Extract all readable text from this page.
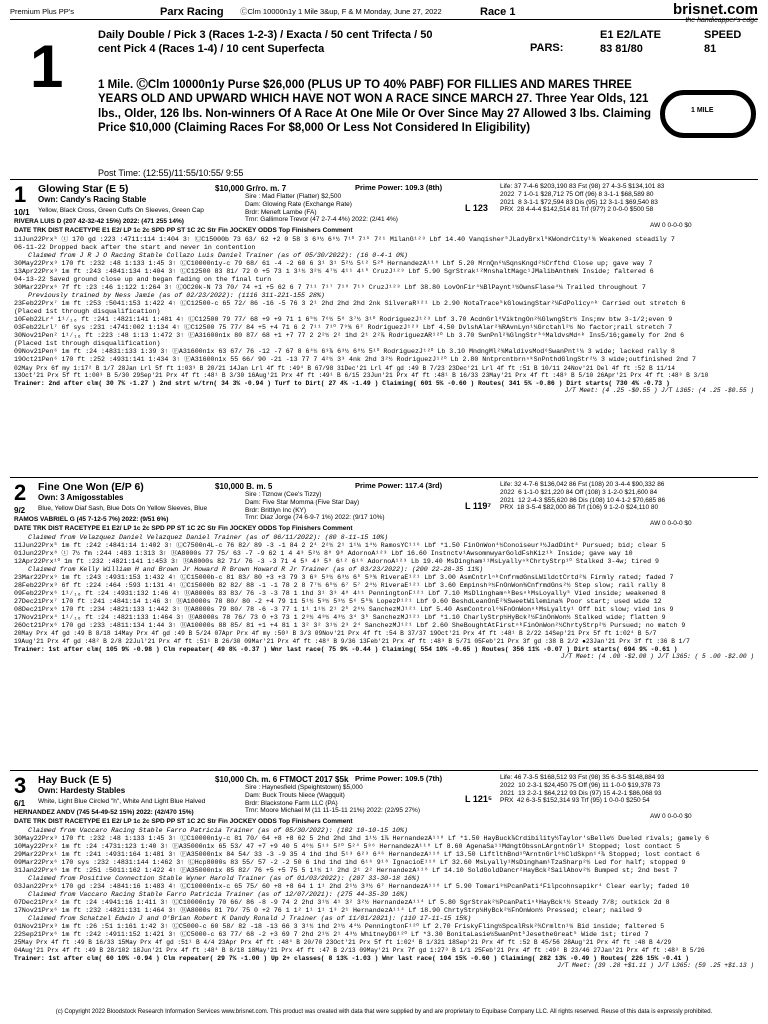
Premium Plus PP's	Parx Racing	ⒸClm 10000n1y 1 Mile 3&up, F & M Monday, June 27, 2022	Race 1	brisnet.com
the handicapper's edge
1	Daily Double / Pick 3 (Races 1-2-3) / Exacta / 50 cent Trifecta / 50 cent Pick 4 (Races 1-4) / 10 cent Superfecta	PARS:
E1 E2/LATE
83 81/80
SPEED
81
1 Mile. ⒸClm 10000n1y Purse $26,000 (PLUS UP TO 40% PABF) FOR FILLIES AND MARES THREE YEARS OLD AND UPWARD WHICH HAVE NOT WON A RACE SINCE MARCH 27. Three Year Olds, 121 lbs., Older, 126 lbs. Non-winners Of A Race At One Mile Or Over Since May 27 Allowed 3 lbs. Claiming Price $10,000 (Claiming Races For $8,000 Or Less Not Considered In Eligibility)
1 MILE
Post Time: (12:55)/11:55/10:55/ 9:55
1
10/1
Glowing Star (E 5)
Own: Candy's Racing Stable
Yellow, Black Cross, Green Cuffs On Sleeves, Green Cap
RIVERA LUIS D (207 42-32-42 15%) 2022: (471 255 14%)
$10,000 Gr/ro. m. 7
Sire : Mad Flatter (Flatter) $2,500
Dam: Glowing Rate (Exchange Rate)
Brdr: Meneft Lambe (FA)
Trnr: Gallimore Trevor (47 2-7-4 4%) 2022: (2/41 4%)
Prime Power: 109.3 (8th)
L 123
Life: 37 7-4-6 $203,190 83 Fst (98) 27 4-3-5 $134,101 83
2022  7 1-0-1 $28,712 75 Off (96) 8 3-1-1 $68,589 80
2021  8 3-1-1 $72,594 83 Dis (95) 12 3-1-1 $69,540 83
PRX  28 4-4-4 $142,514 81 Trf (97?) 2 0-0-0 $500 58
AW 0 0-0-0 $0
DATE TRK DIST RACETYPE E1 E2/ LP 1c 2c SPD PP ST 1C 2C Str Fin JOCKEY ODDS Top Finishers Comment
11Jun22Prx⁵ ⓣ 170 gd :223 :4711:114 1:404 3↑ ⒸC15000b 73 63/ 62 +2 0 58 3 6³½ 6⁶½ 7¹⁰ 7¹⁵ 7²¹ MilanG¹²³ Lbf 14.40 Vanqisher⁵JLadyBrxl⁵KWondrCity¹¾ Weakened steadily 7
06-11-22 Dropped back after the start and never in contention
Claimed from J R J O Racing Stable Collazo Luis Daniel Trainer (as of 05/30/2022): (16 0-4-1 0%)
30May22Prx³ 170 ft :232 :48 1:133 1:45 3↑ ⒸC10000n1y-c 79 68/ 61 -4 -2 60 6 3¹ 3¹ 5²½ 5¹² 5²⁰ HernandezA¹¹⁸ Lbf 5.20 MrnQn⁶¼SqnsKngd²½Crfthd Close up; gave way 7
13Apr22Prx³ 1m ft :243 :4841:134 1:404 3↑ ⒸC12500 83 81/ 72 0 +5 73 1 3¹½ 3²½ 4⁷½ 4¹¹ 4¹⁵ CruzJ¹²³ Lbf 5.90 SgrStrak¹²MnshaltMagc¹JMalibAnthm¾ Inside; faltered 6
04-13-22 Saved ground close up and began fading on the final turn
30Mar22Prx⁶ 7f ft :23 :46 1:122 1:264 3↑ ⒸOC20k-N 73 70/ 74 +1 +5 62 6 7 7¹¹ 7¹⁷ 7¹⁸ 7¹⁹ CruzJ¹²³ Lbf 38.80 LovOnFir⁴¼BlPaynt¹½OwnsFlase⁴¼ Trailed throughout 7
Previously trained by Ness Jamie (as of 02/23/2022): (1116 311-221-155 28%)
23Feb22Prx⁷ 1m ft :253 :5041:153 1:422 4↑ ⒸC12500-c 65 72/ 86 -16 -5 76 3 2¹ 2hd 2hd 2hd 2nk SilveraR¹²¹ Lb 2.90 NotaTrace⁵kGlowingStar²¼FdPolicyⁿᵏ Carried out stretch 6
(Placed 1st through disqualification)
10Feb22Lr⁴ 1¹⁄₁₆ ft :241 :4821:141 1:481 4↑ ⒸC12500 79 77/ 68 +9 +9 71 1 6⁵½ 7⁶½ 5⁸ 3⁷½ 3¹⁰ RodriguezJ¹²³ Lbf 3.70 AcdnGrl⁸ViktngOn²⅔GlwngStr½ Ins;mv btw 3-1/2;even 9
03Feb22Lrl⁷ 6f sys :231 :4741:002 1:134 4↑ ⒸC12500 75 77/ 84 +5 +4 71 6 2 7¹¹ 7¹⁰ 7⁹¾ 6⁷ RodriguezJ¹²³ Lbf 4.50 DvlshAlar²¾RAvnLyn¹¼Grctahl²½ No factor;rail stretch 7
30Nov21Pen² 1¹⁄₁₆ ft :223 :48 1:13 1:472 3↑ ⒻA31600n1x 80 87/ 68 +1 +7 77 2 2²½ 2² 1hd 2¹ 2²⅞ RodriguezAR¹²⁰ Lb 3.70 SwnPnl²¾GlngStr⁵⁶MaldvsMdⁿᵏ Ins5/16;gamely for 2nd 6
(Placed 1st through disqualification)
09Nov21Pen⁶ 1m ft :24 :4831:133 1:39 3↑ ⒻA31600n1x 63 67/ 76 -12 -7 67 8 6⁴½ 6³⅞ 6³½ 6⁸½ 5¹⁰ RodriguezJ¹²⁰ Lb 3.10 MndngMl²¾MaldivsMod⁶SwanPnt¹¼ 3 wide; lacked rally 8
19Oct21Pen⁶ 170 ft :252 :4931:141 1:434 3↑ ⒻA31600n1x 55 66/ 90 -21 -13 77 7 4²½ 3³ 4nk 2hd 3²½ RodriguezJ¹²⁰ Lb 2.80 NntprcntbrnⁿᵏSnPnthdGlngStr²½ 3 wide;outfinished 2nd 7
02May Prx 6f my 1:17² B 1/7 28Jan Lrl 5f ft 1:03³ B 20/21 14Jan Lrl 4f ft :49⁴ B 67/98 31Dec'21 Lrl 4f gd :49 B 7/23 23Dec'21 Lrl 4f ft :51 B 10/11 24Nov'21 Del 4f ft :52 B 11/14
13Oct'21 Prx 5f ft 1:00³ B 5/30 29Sep'21 Prx 4f ft :48¹ B 3/30 16Aug'21 Prx 4f ft :49¹ B 6/15 23Jun'21 Prx 4f ft :48¹ B 16/33 23May'21 Prx 4f ft :48³ B 5/10 26Apr'21 Prx 4f ft :48³ B 3/10
Trainer: 2nd after clm( 30 7% -1.27 ) 2nd strt w/trn( 34 3% -0.94 ) Turf to Dirt( 27 4% -1.49 ) Claiming( 601 5% -0.60 ) Routes( 341 5% -0.86 ) Dirt starts( 730 4% -0.73 )
J/T Meet: (4 .25 -$0.55 ) J/T L365: (4 .25 -$0.55 )
2
9/2
Fine One Won (E/P 6)
Own: 3 Amigosstables
Blue, Yellow Diaf Sash, Blue Dots On Yellow Sleeves, Blue
RAMOS VABRIEL G (45 7-12-5 7%) 2022: (9/51 6%)
$10,000 B. m. 5
Sire : Tiznow (Cee's Tizzy)
Dam: Five Star Momma (Five Star Day)
Brdr: Brittlyn Inc (KY)
Trnr: Diaz Jorge (74 6-9-7 1%) 2022: (9/17 10%)
Prime Power: 117.4 (3rd)
L 119⁷
Life: 32 4-7-6 $136,042 86 Fst (108) 20 3-4-4 $90,332 86
2022  6 1-1-0 $21,220 84 Off (108) 3 1-2-0 $21,600 84
2021  12 2-4-3 $55,620 86 Dis (108) 10 4-1-2 $70,685 86
PRX  18 3-5-4 $82,000 86 Trf (106) 9 1-2-0 $24,110 80
AW 0 0-0-0 $0
DATE TRK DIST RACETYPE E1 E2/ LP 1c 2c SPD PP ST 1C 2C Str Fin JOCKEY ODDS Top Finishers Comment
Claimed from Velazquez Daniel Velazquez Daniel Trainer (as of 06/11/2022): (80 8-11-15 10%)
11Jun22Prx⁵ 1m ft :242 :4841:14 1:402 3↑ ⒸC7500n4L-c 76 82/ 89 -3 -1 84 2 2⁴ 2²½ 2¹ 1¹¼ 1⁴½ RamosYC¹¹⁶ Lbf *1.50 FinOnWon⁴½Conoiseur³½JadDiht⁴ Pursued; bid; clear 5
01Jun22Prx⁸ ⓣ 7½ fm :244 :483 1:313 3↑ ⒷA8000s 77 75/ 63 -7 -9 62 1 4 4³ 5²½ 8⁸ 9⁸ AdornoA¹²³ Lbf 16.60 Instnctv¹AwsomnwyarGoldFshKiz¹ᵏ Inside; gave way 10
12Apr22Prx¹⁰ 1m ft :232 :4821:141 1:453 3↑ ⒷA8000s 82 71/ 76 -3 -3 71 4 5³ 4³ 5⁸ 6¹² 6¹⁶ AdornoA¹²³ Lb 19.40 MsDingham¹¹MsLyallyⁿᵏChrtyStrp¹⁰ Stalked 3-4w; tired 9
Claimed from Kelly William H and Brown Jr Howard R Brown Howard R Jr Trainer (as of 03/23/2022): (200 22-28-35 11%)
23Mar22Prx⁹ 1m ft :243 :4931:153 1:432 4↑ ⒸC15000b-c 81 83/ 80 +3 +3 79 3 6³ 5³½ 6³½ 6⁵ 5⁹¾ RiveraE¹²¹ Lbf 3.00 AsmCntrlⁿᵏCnfrmdGnsLWildctCrtd²¼ Firmly rated; faded 7
28Feb22Prx³ 6f ft :224 :464 :593 1:131 4↑ ⒸC15000b 82 82/ 88 -1 -1 78 2 8 7⁷½ 6⁵½ 6⁷ 5⁷ 2⁴½ RiveraE¹²¹ Lbf 3.60 Empinsh³½FnOnWon¾CnfrmdGns²½ Step slow; rail rally 8
09Feb22Prx⁶ 1¹⁄₁₆ ft :24 :4931:132 1:46 4↑ ⒷA8000s 83 83/ 76 -3 -3 78 1 1hd 3¹ 3³ 4⁸ 4¹¹ PenningtonF¹²¹ Lbf 7.10 MsDlinghamⁿᵏBesⁿᵏMsLoyally⁵ Vied inside; weakened 8
27Dec21Prx⁷ 170 ft :241 :4841:14 1:46 3↑ ⒷA10000s 78 80/ 80 -2 +4 79 11 5¹½ 5³½ 5³½ 5⁶ 5⁵¾ LopezP¹²¹ Lbf 9.60 BeshdLeanOnE²¾SweetWilemina¾ Poor start; used wide 12
08Dec21Prx⁶ 170 ft :234 :4821:133 1:442 3↑ ⒷA8000s 79 80/ 78 -6 -3 77 1 1¹ 1¹½ 2¹ 2⁵ 2⁶½ SanchezMJ¹²¹ Lbf 5.40 AsmControl⁶¾FnOnWonⁿᵏMsLyalty¹ Off bit slow; vied ins 9
17Nov21Prx⁴ 1¹⁄₁₆ ft :24 :4821:133 1:464 3↑ ⒷA8000s 78 76/ 73 0 +3 73 1 2³½ 4³½ 4³½ 3⁴ 3⁵ SanchezMJ¹²¹ Lbf *1.10 CharlyStrp½HyBck²½FinOnWon½ Stalked wide; flatten 9
26Oct21Prx⁶ 170 gd :233 :4811:134 1:44 3↑ ⒷA10000s 88 85/ 81 +1 +4 81 1 3² 3² 3¹½ 2³ 2⁴ SanchezMJ¹²¹ Lbf 2.60 SheBoughtAtFirstⁿᵏFinOnWon²½ChrtyStrp²½ Pursued; no match 9
20May Prx 4f gd :49 B 8/18 14May Prx 4f gd :49 B 5/24 07Apr Prx 4f my :50³ B 3/3 09Nov'21 Prx 4f ft :54 B 37/37 19Oct'21 Prx 4f ft :48¹ B 2/22 14Sep'21 Prx 5f ft 1:02⁴ B 5/7
19Aug'21 Prx 4f gd :48² B 2/8 22Jul'21 Prx 4f ft :51¹ B 26/30 09Mar'21 Prx 4f ft :48⁴ B 9/36 13Feb'21 Prx 4f ft :48³ B 5/71 05Feb'21 Prx 3f gd :38 B 2/2 ●23Jan'21 Prx 3f ft :36 B 1/7
Trainer: 1st after clm( 105 9% -0.98 ) Clm repeater( 49 8% -0.37 ) Wnr last race( 75 9% -0.44 ) Claiming( 554 10% -0.65 ) Routes( 356 11% -0.07 ) Dirt starts( 694 9% -0.61 )
J/T Meet: (4 .00 -$2.00 ) J/T L365: ( 5 .00 -$2.00 )
3
6/1
Hay Buck (E 5)
Own: Hardesty Stables
White, Light Blue Circled "h", White And Light Blue Halved
HERNANDEZ ANDV (745 54-49-52 15%) 2022: (42/470 15%)
$10,000 Ch. m. 6 FTMOCT 2017 $5k
Sire : Haynesfield (Speightstown) $5,000
Dam: Buck Trouts Niece (Wagquit)
Brdr: Blackstone Farm LLC (PA)
Trnr: Moore Michael M (11 11-15-11 21%) 2022: (22/95 27%)
Prime Power: 109.5 (7th)
L 121⁵
Life: 46 7-3-5 $168,512 93 Fst (98) 35 6-3-5 $148,884 93
2022  10 2-3-1 $24,450 75 Off (96) 11 1-0-0 $19,378 73
2021  13 2-2-1 $64,212 93 Dis (97) 15 4-2-1 $86,068 93
PRX  42 6-3-5 $152,314 93 Trf (95) 1 0-0-0 $250 54
AW 0 0-0-0 $0
DATE TRK DIST RACETYPE E1 E2/ LP 1c 2c SPD PP ST 1C 2C Str Fin JOCKEY ODDS Top Finishers Comment
Claimed from Vaccaro Racing Stable Farro Patricia Trainer (as of 05/30/2022): (102 10-10-15 10%)
30May22Prx³ 170 ft :232 :48 1:133 1:45 3↑ ⒸC10000n1y-c 81 70/ 64 +8 +8 62 5 2hd 2hd 1hd 1¹½ 1⅞ HernandezA¹¹⁸ Lf *1.50 HayBuck⅞Crdibility½Taylor'sBelle½ Dueled rivals; gamely 6
10May22Prx² 1m ft :24 :4731:123 1:40 3↑ ⒻA35000n1x 65 53/ 47 +7 +9 40 5 4⁶½ 5¹³ 5²⁰ 5²⁴ 5³⁶ HernandezA¹¹⁸ Lf 8.60 AgenaSa¹¹MdngtObssnLArgntnGrl³ Stopped; lost contact 5
29Mar22Prx¹ 1m ft :241 :4931:164 1:481 3↑ ⒻA35000n1x 84 54/ 33 -3 -9 35 4 1hd 1hd 5¹³ 6²³ 6⁴⁶ HernandezA¹¹⁸ Lf 13.50 LiftlthBnd¹⁰ArntnGrl⁶½CldSkpn¹⁴⅞ Stopped; lost contact 6
09Mar22Prx⁶ 170 sys :232 :4831:144 1:462 3↑ ⒸHcp8000s 83 55/ 57 -2 -2 50 6 1hd 1hd 1hd 6¹⁶ 9¹⁸ IgnacioE¹¹⁸ Lf 32.60 MsLyally¹MsDingham¹TzaSharp²½ Led for half; stopped 9
31Jan22Prx⁶ 1m ft :251 :5011:162 1:422 4↑ ⒻA35000n1x 85 82/ 76 +5 +5 75 5 1¹½ 1¹ 2hd 2¹ 2² HernandezA¹¹⁸ Lf 14.10 SoldGoldDancr²HayBck²SailAbov²½ Bumped st; 2nd best 7
Claimed from Positive Connection Stable Wyner Harold Trainer (as of 01/03/2022): (207 33-30-18 16%)
03Jan22Prx⁶ 170 gd :234 :4841:16 1:483 4↑ ⒸC10000n1x-c 65 75/ 60 +8 +8 64 1 1¹ 2hd 2¹½ 3³½ 6⁷ HernandezA¹¹⁸ Lf 5.90 Tomari³½PcanPati⁴Filpcohnsapikr⁴ Clear early; faded 10
Claimed from Vaccaro Racing Stable Farro Patricia Trainer (as of 12/07/2021): (275 44-35-39 16%)
07Dec21Prx² 1m ft :24 :4941:16 1:411 3↑ ⒸC10000n1y 70 66/ 86 -8 -9 74 2 2hd 3¹½ 4¹ 3² 3²½ HernandezA¹¹⁴ Lf 5.80 SgrStrak²½PcanPatiⁿᵏHayBck¹½ Steady 7/8; outkick 2d 8
17Nov21Prx⁶ 1m ft :232 :4821:131 1:464 3↑ ⒷA8000s 81 79/ 75 0 +2 76 1 1² 1¹ 1¹ 1³ 2¹ HernandezA¹¹⁴ Lf 18.90 ChrtyStrp¼HyBck²½FnOnWon½ Pressed; clear; nailed 9
Claimed from Schatzel Edwin J and O'Brian Robert K Dandy Ronald J Trainer (as of 11/01/2021): (110 17-11-15 15%)
01Nov21Prx³ 1m ft :26 :51 1:161 1:42 3↑ ⒸC5000-c 60 58/ 82 -18 -13 66 3 3¹½ 1hd 2¹½ 4⁴½ PenningtonF¹²⁰ Lf 2.70 FriskyFling½SpcalRsk²⅔Crmltn¹¼ Bid inside; faltered 5
22Sep21Prx⁶ 1m ft :242 :4911:152 1:421 3↑ ⒸC5000-c 63 77/ 68 -2 +3 69 7 2hd 2¹½ 2¹ 4³½ WhitneyDG¹²⁰ Lf *3.30 BonitaLasie½SwanPnt⁵JesetheGreat⁵ Wide 1st; tired 7
25May Prx 4f ft :49 B 16/33 15May Prx 4f gd :51¹ B 4/4 23Apr Prx 4f ft :48⁴ B 20/70 23Oct'21 Prx 5f ft 1:02⁴ B 1/321 18Sep'21 Prx 4f ft :52 B 45/56 28Aug'21 Prx 4f ft :48 B 4/29
04Aug'21 Prx 4f ft :49 B 28/102 18Jun'21 Prx 4f ft :48⁴ B 8/18 18May'21 Prx 4f ft :47 B 2/13 09May'21 Prx 7f gd 1:27³ B 1/1 25Feb'21 Prx 4f ft :49² B 23/46 27Jan'21 Prx 4f ft :48³ B 5/26
Trainer: 1st after clm( 60 10% -0.94 ) Clm repeater( 29 7% -1.00 ) Up 2+ classes( 8 13% -1.03 ) Wnr last race( 104 15% -0.60 ) Claiming( 282 13% -0.49 ) Routes( 226 15% -0.41 )
J/T Meet: (39 .28 +$1.11 ) J/T L365: (59 .25 +$1.13 )
(c) Copyright 2022 Bloodstock Research Information Services www.brisnet.com. This product was created with data that were supplied by and are proprietary to Equibase Company LLC. All rights reserved. Reuse of this data is expressly prohibited.
